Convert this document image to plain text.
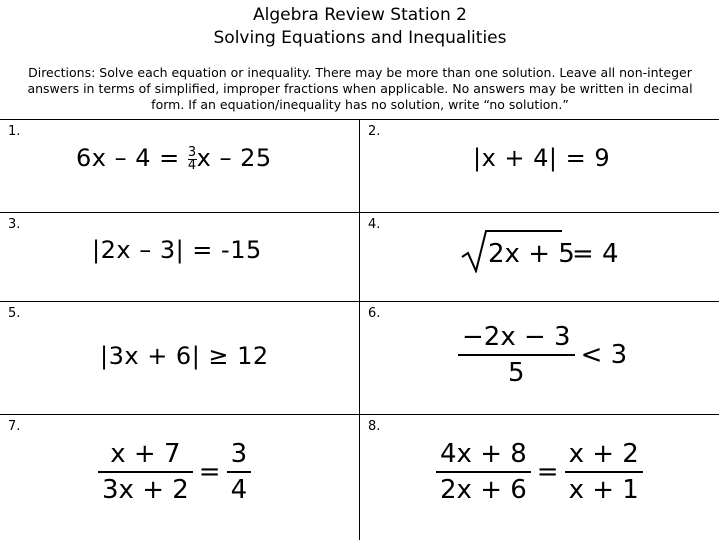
Algebra Review Station 2
Solving Equations and Inequalities
Directions: Solve each equation or inequality. There may be more than one solution. Leave all non-integer
answers in terms of simplified, improper fractions when applicable. No answers may be written in decimal
form. If an equation/inequality has no solution, write “no solution.”
1.
$6x - 4 = \frac{3}{4}$ x – 25
2.
|x + 4| = 9
3.
|2x – 3| = -15
4.
2x + 5
= 4
5.
|3x + 6| ≥ 12
6.
$\frac{-2x - 3}{5} < 3$
7.
$\frac{x + 7}{3x + 2} = \frac{3}{4}$
8.
$\frac{4x + 8}{2x + 6} = \frac{x + 2}{x + 1}$
